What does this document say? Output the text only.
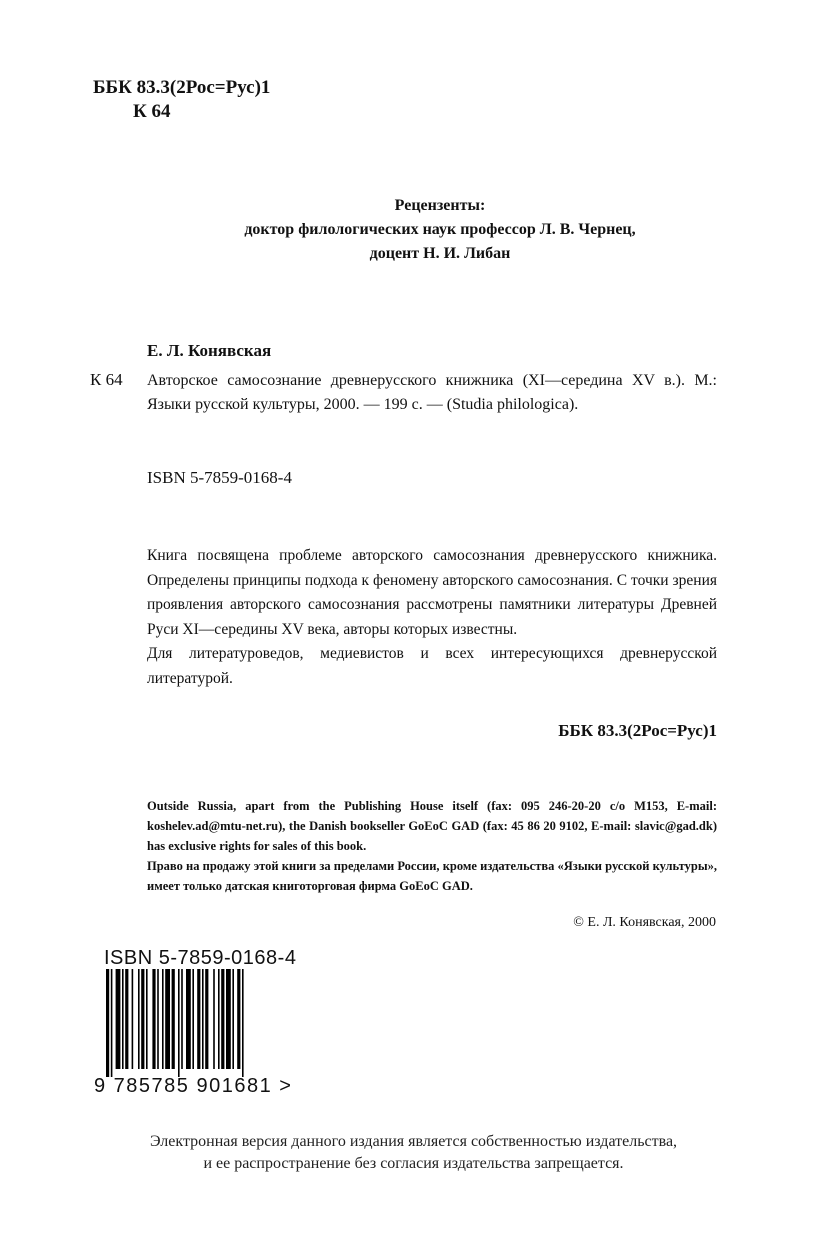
ББК 83.3(2Рос=Рус)1
К 64
Рецензенты:
доктор филологических наук профессор Л. В. Чернец,
доцент Н. И. Либан
Е. Л. Конявская
К 64 Авторское самосознание древнерусского книжника (XI—середина XV в.). М.: Языки русской культуры, 2000. — 199 с. — (Studia philologica).
ISBN 5-7859-0168-4

Книга посвящена проблеме авторского самосознания древнерусского книжника. Определены принципы подхода к феномену авторского самосознания. С точки зрения проявления авторского самосознания рассмотрены памятники литературы Древней Руси XI—середины XV века, авторы которых известны.

Для литературоведов, медиевистов и всех интересующихся древнерусской литературой.

ББК 83.3(2Рос=Рус)1

Outside Russia, apart from the Publishing House itself (fax: 095 246-20-20 c/o M153, E-mail: koshelev.ad@mtu-net.ru), the Danish bookseller GoEoC GAD (fax: 45 86 20 9102, E-mail: slavic@gad.dk) has exclusive rights for sales of this book.

Право на продажу этой книги за пределами России, кроме издательства «Языки русской культуры», имеет только датская книготорговая фирма GoEoC GAD.

© Е. Л. Конявская, 2000
ISBN 5-7859-0168-4
9 785785 901681 >
Электронная версия данного издания является собственностью издательства,
и ее распространение без согласия издательства запрещается.
